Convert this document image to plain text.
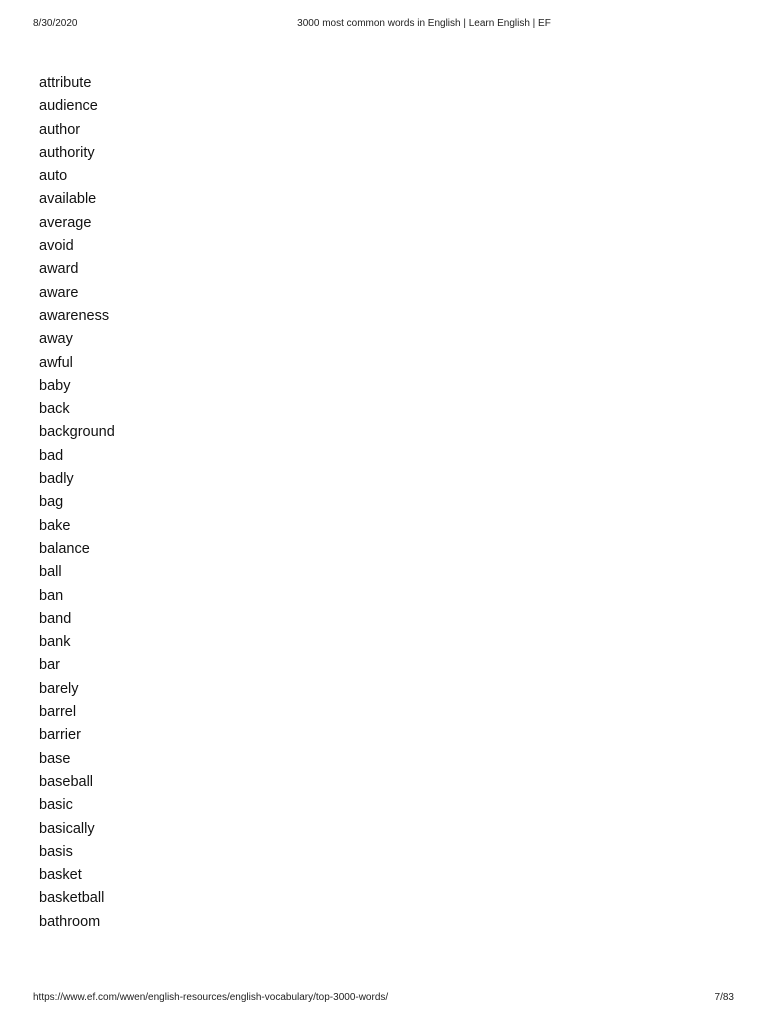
8/30/2020	3000 most common words in English | Learn English | EF
attribute
audience
author
authority
auto
available
average
avoid
award
aware
awareness
away
awful
baby
back
background
bad
badly
bag
bake
balance
ball
ban
band
bank
bar
barely
barrel
barrier
base
baseball
basic
basically
basis
basket
basketball
bathroom
https://www.ef.com/wwen/english-resources/english-vocabulary/top-3000-words/	7/83
